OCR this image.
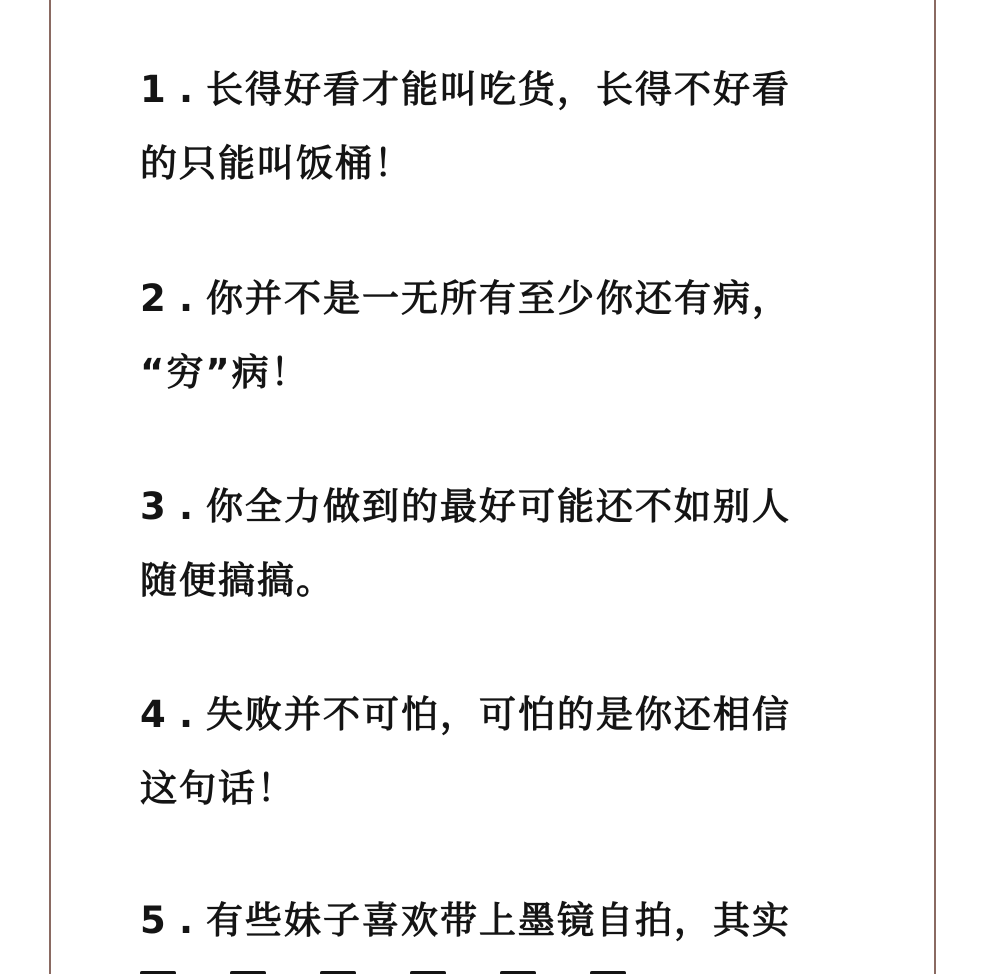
1 . 长得好看才能叫吃货，长得不好看
的只能叫饭桶！
2 . 你并不是一无所有至少你还有病，
“穷”病！
3 . 你全力做到的最好可能还不如别人
随便搞搞。
4 . 失败并不可怕，可怕的是你还相信
这句话！
5 . 有些妹子喜欢带上墨镜自拍，其实
